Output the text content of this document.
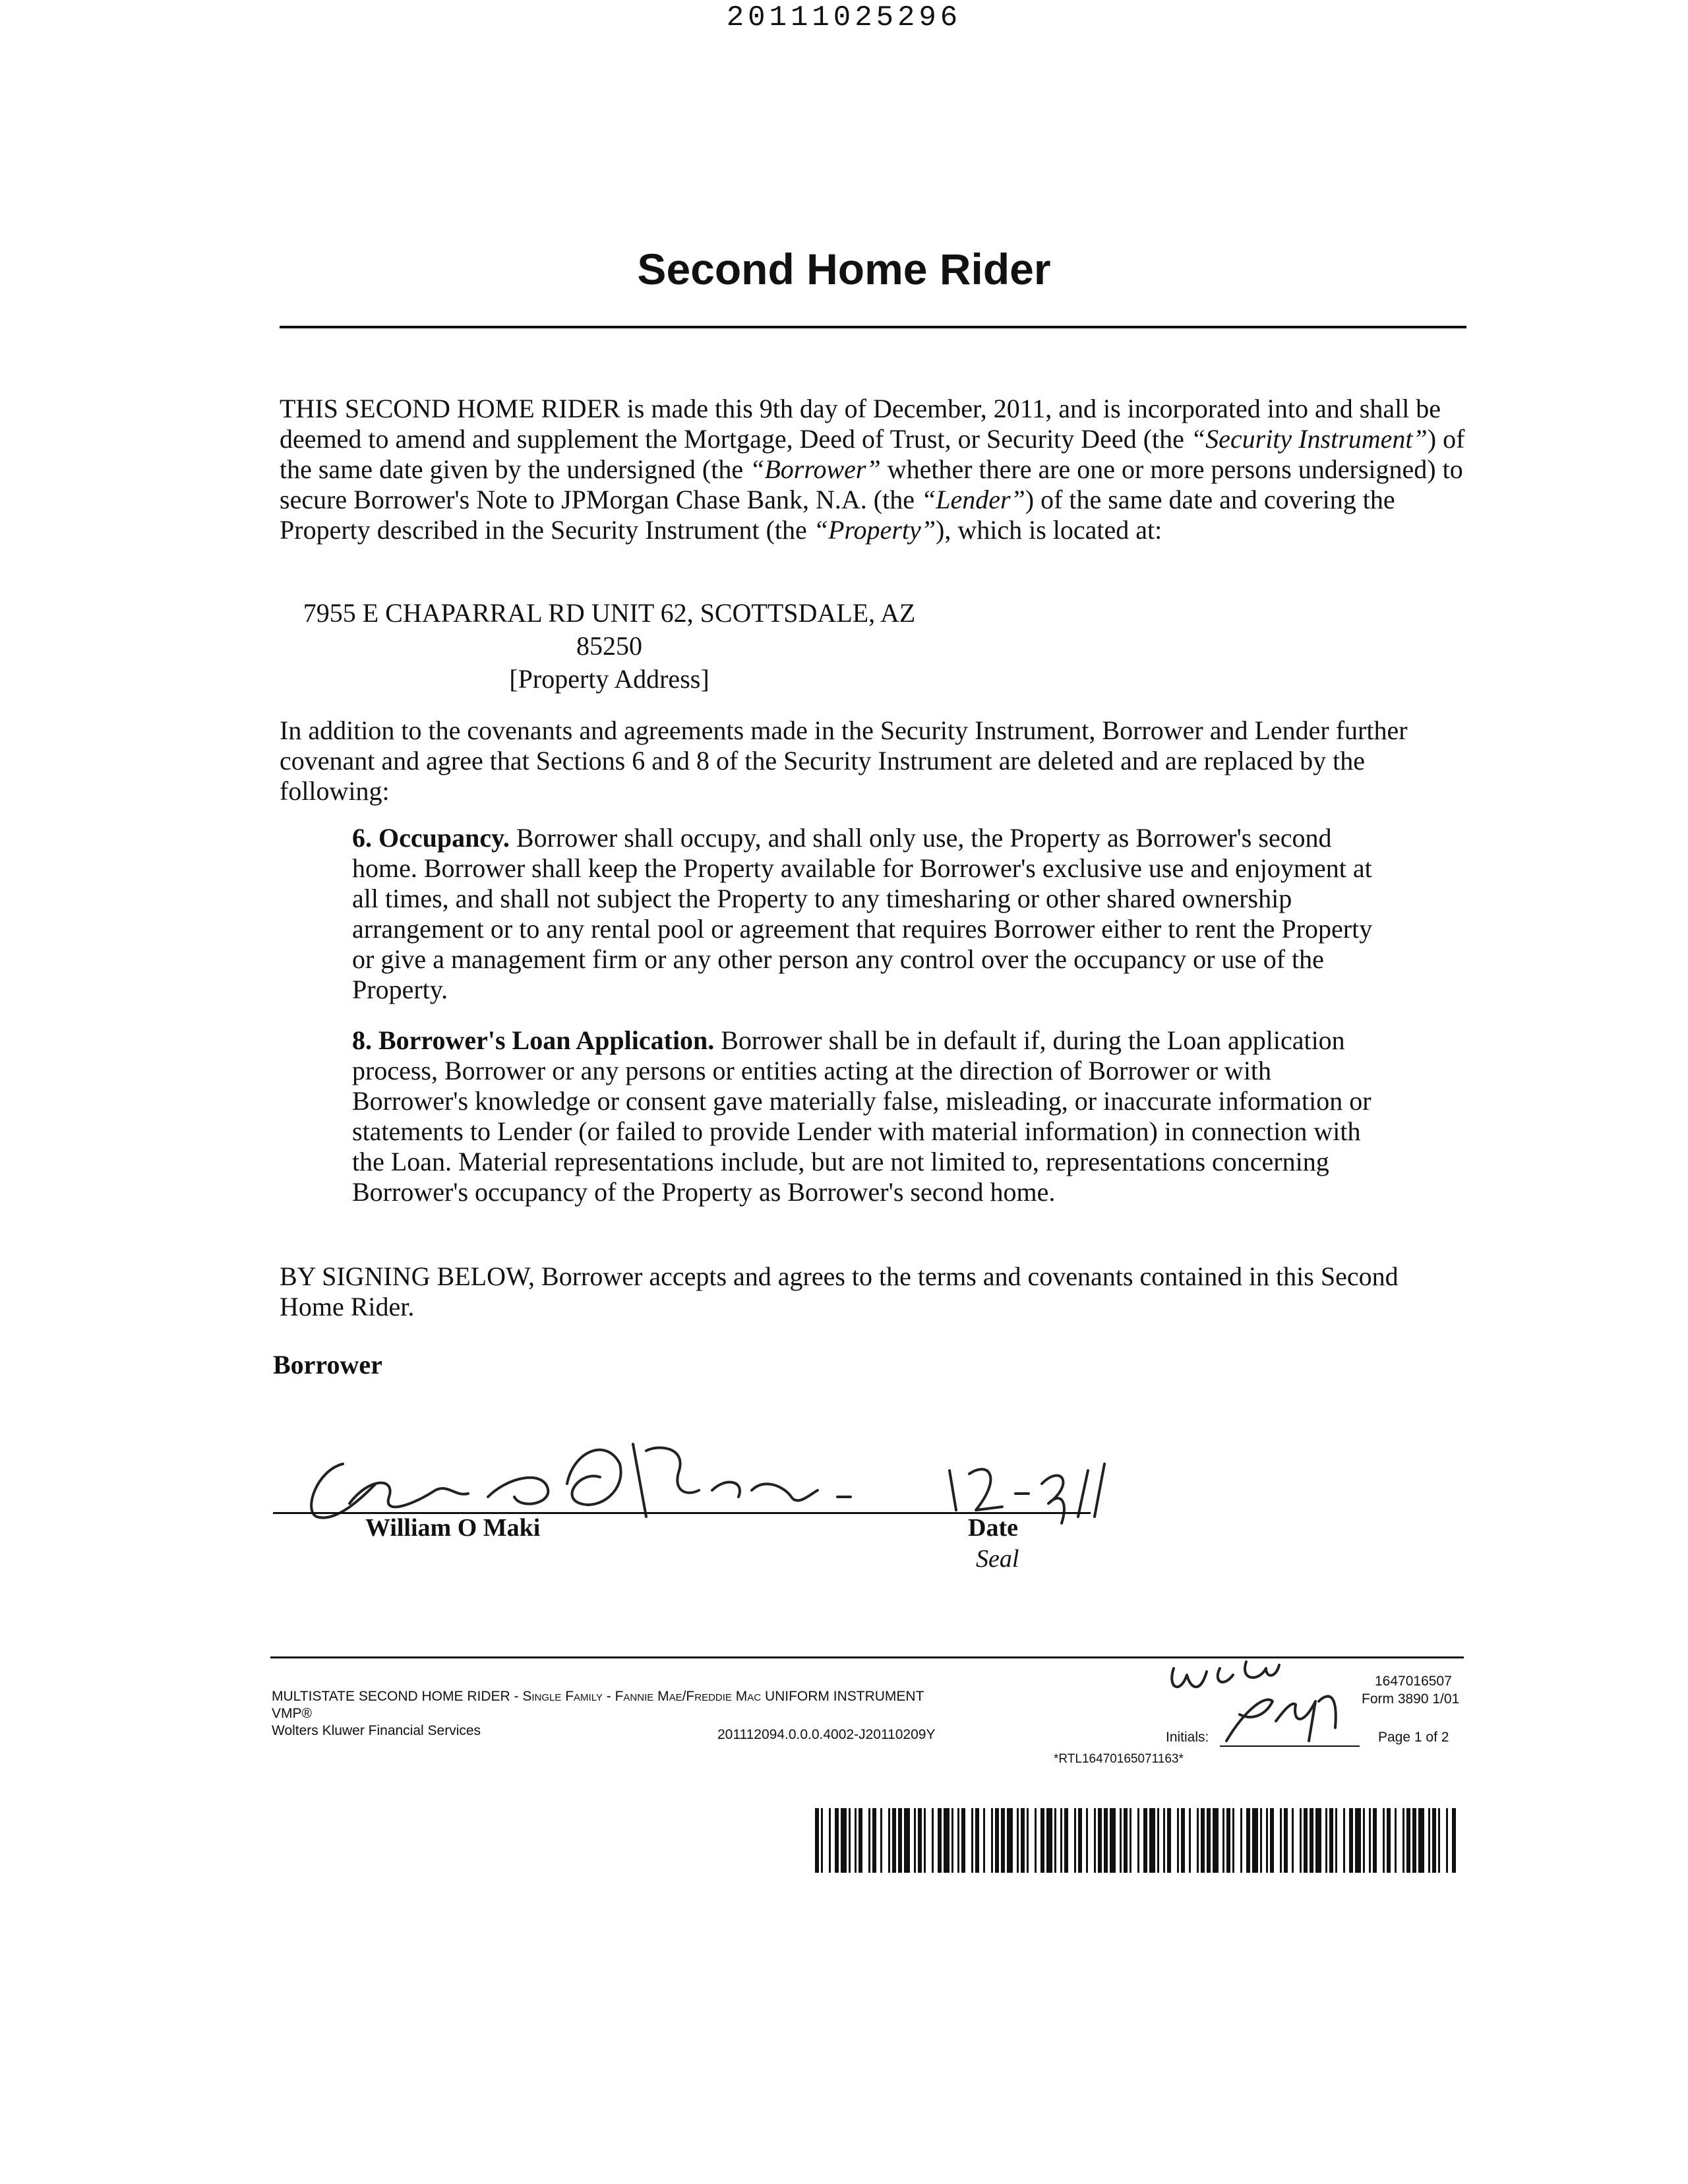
20111025296
Second Home Rider
THIS SECOND HOME RIDER is made this 9th day of December, 2011, and is incorporated into and shall be deemed to amend and supplement the Mortgage, Deed of Trust, or Security Deed (the “Security Instrument”) of the same date given by the undersigned (the “Borrower” whether there are one or more persons undersigned) to secure Borrower's Note to JPMorgan Chase Bank, N.A. (the “Lender”) of the same date and covering the Property described in the Security Instrument (the “Property”), which is located at:
7955 E CHAPARRAL RD UNIT 62, SCOTTSDALE, AZ
85250
[Property Address]
In addition to the covenants and agreements made in the Security Instrument, Borrower and Lender further covenant and agree that Sections 6 and 8 of the Security Instrument are deleted and are replaced by the following:
6. Occupancy. Borrower shall occupy, and shall only use, the Property as Borrower's second home. Borrower shall keep the Property available for Borrower's exclusive use and enjoyment at all times, and shall not subject the Property to any timesharing or other shared ownership arrangement or to any rental pool or agreement that requires Borrower either to rent the Property or give a management firm or any other person any control over the occupancy or use of the Property.
8. Borrower's Loan Application. Borrower shall be in default if, during the Loan application process, Borrower or any persons or entities acting at the direction of Borrower or with Borrower's knowledge or consent gave materially false, misleading, or inaccurate information or statements to Lender (or failed to provide Lender with material information) in connection with the Loan. Material representations include, but are not limited to, representations concerning Borrower's occupancy of the Property as Borrower's second home.
BY SIGNING BELOW, Borrower accepts and agrees to the terms and covenants contained in this Second Home Rider.
Borrower
William O Maki	Date
Seal
MULTISTATE SECOND HOME RIDER - Single Family - Fannie Mae/Freddie Mac UNIFORM INSTRUMENT
VMP®
Wolters Kluwer Financial Services	201112094.0.0.0.4002-J20110209Y
1647016507
Form 3890 1/01
Initials:	Page 1 of 2
*RTL16470165071163*
